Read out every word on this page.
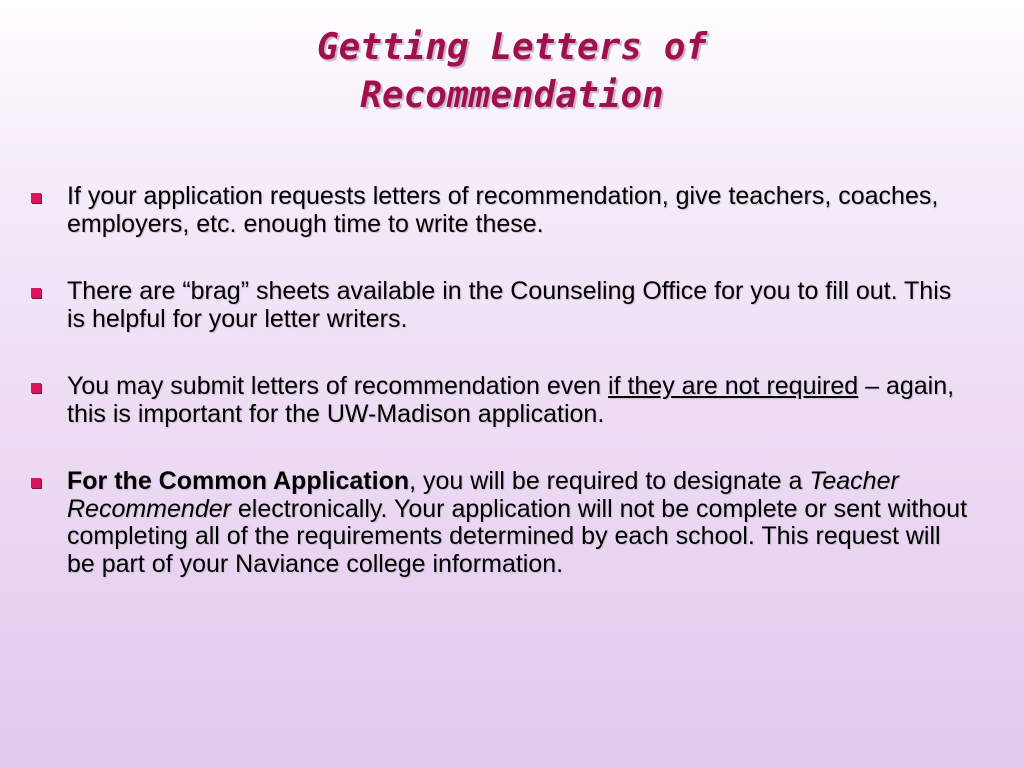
Getting Letters of
Recommendation
If your application requests letters of recommendation, give teachers, coaches, employers, etc. enough time to write these.
There are “brag” sheets available in the Counseling Office for you to fill out. This is helpful for your letter writers.
You may submit letters of recommendation even if they are not required – again, this is important for the UW-Madison application.
For the Common Application, you will be required to designate a Teacher Recommender electronically. Your application will not be complete or sent without completing all of the requirements determined by each school. This request will be part of your Naviance college information.
